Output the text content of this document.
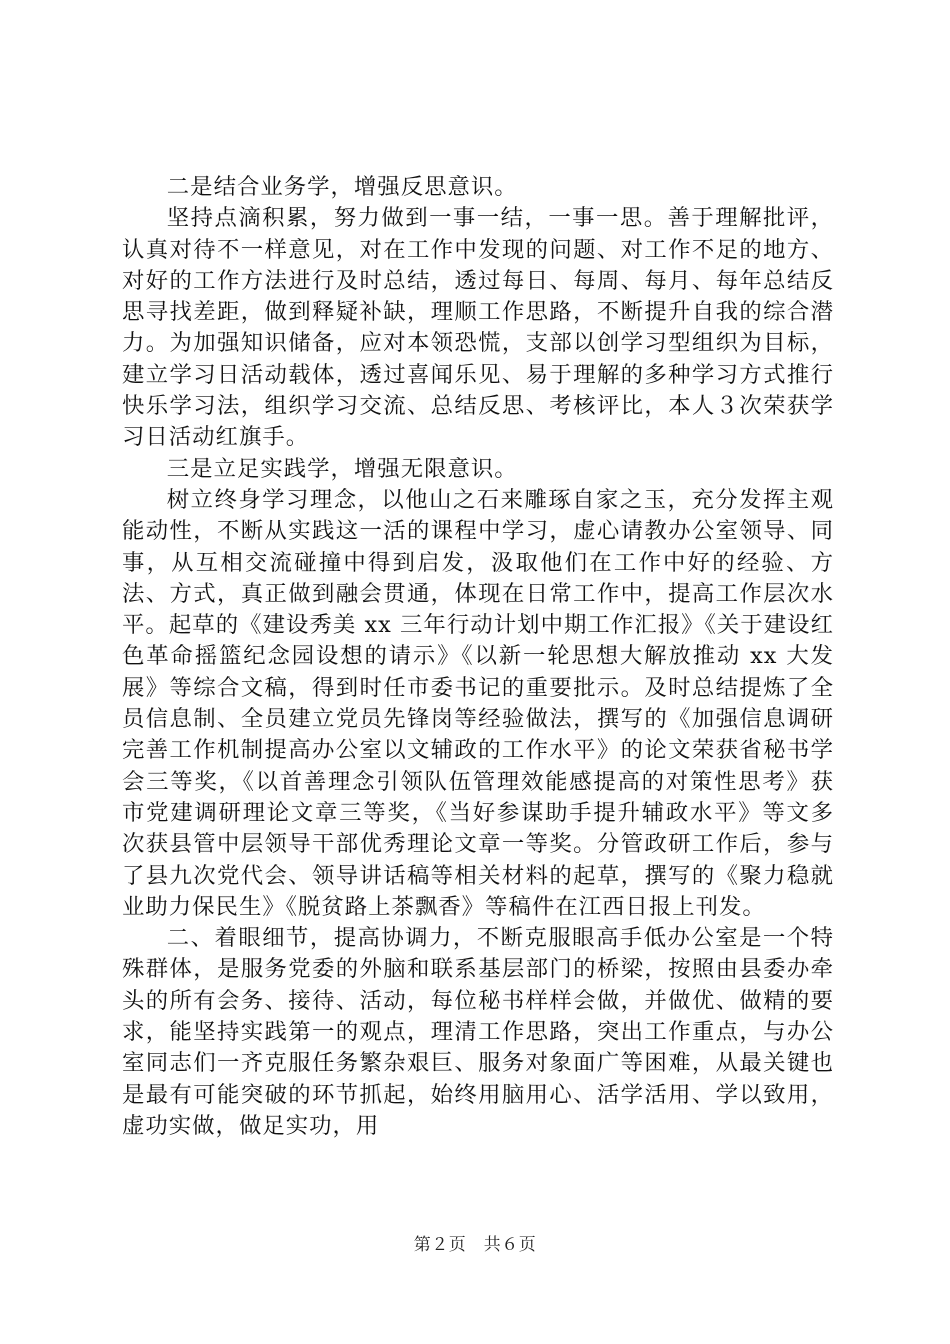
二是结合业务学，增强反思意识。

坚持点滴积累，努力做到一事一结，一事一思。善于理解批评，认真对待不一样意见，对在工作中发现的问题、对工作不足的地方、对好的工作方法进行及时总结，透过每日、每周、每月、每年总结反思寻找差距，做到释疑补缺，理顺工作思路，不断提升自我的综合潜力。为加强知识储备，应对本领恐慌，支部以创学习型组织为目标，建立学习日活动载体，透过喜闻乐见、易于理解的多种学习方式推行快乐学习法，组织学习交流、总结反思、考核评比，本人３次荣获学习日活动红旗手。

三是立足实践学，增强无限意识。

树立终身学习理念，以他山之石来雕琢自家之玉，充分发挥主观能动性，不断从实践这一活的课程中学习，虚心请教办公室领导、同事，从互相交流碰撞中得到启发，汲取他们在工作中好的经验、方法、方式，真正做到融会贯通，体现在日常工作中，提高工作层次水平。起草的《建设秀美 xx 三年行动计划中期工作汇报》《关于建设红色革命摇篮纪念园设想的请示》《以新一轮思想大解放推动 xx 大发展》等综合文稿，得到时任市委书记的重要批示。及时总结提炼了全员信息制、全员建立党员先锋岗等经验做法，撰写的《加强信息调研完善工作机制提高办公室以文辅政的工作水平》的论文荣获省秘书学会三等奖，《以首善理念引领队伍管理效能感提高的对策性思考》获市党建调研理论文章三等奖，《当好参谋助手提升辅政水平》等文多次获县管中层领导干部优秀理论文章一等奖。分管政研工作后，参与了县九次党代会、领导讲话稿等相关材料的起草，撰写的《聚力稳就业助力保民生》《脱贫路上茶飘香》等稿件在江西日报上刊发。

二、着眼细节，提高协调力，不断克服眼高手低办公室是一个特殊群体，是服务党委的外脑和联系基层部门的桥梁，按照由县委办牵头的所有会务、接待、活动，每位秘书样样会做，并做优、做精的要求，能坚持实践第一的观点，理清工作思路，突出工作重点，与办公室同志们一齐克服任务繁杂艰巨、服务对象面广等困难，从最关键也是最有可能突破的环节抓起，始终用脑用心、活学活用、学以致用，虚功实做，做足实功，用

第２页　共６页
